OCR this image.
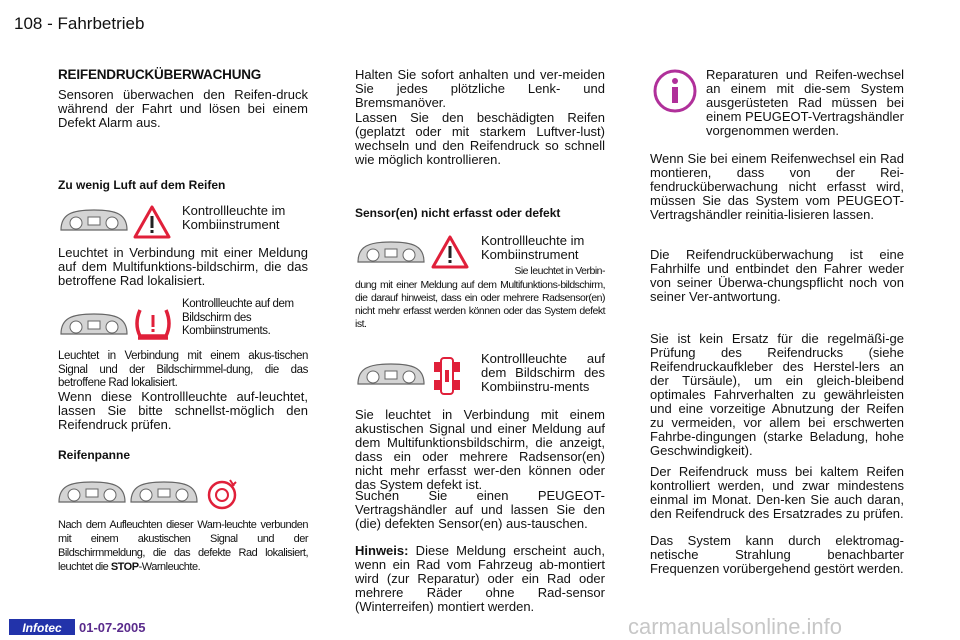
108 - Fahrbetrieb
REIFENDRUCKÜBERWACHUNG

Sensoren überwachen den Reifen-druck während der Fahrt und lösen bei einem Defekt Alarm aus.

Zu wenig Luft auf dem Reifen

Kontrollleuchte im Kombiinstrument

Leuchtet in Verbindung mit einer Meldung auf dem Multifunktions-bildschirm, die das betroffene Rad lokalisiert.

Kontrollleuchte auf dem Bildschirm des Kombiinstruments.

Leuchtet in Verbindung mit einem akus-tischen Signal und der Bildschirmmel-dung, die das betroffene Rad lokalisiert.

Wenn diese Kontrollleuchte auf-leuchtet, lassen Sie bitte schnellst-möglich den Reifendruck prüfen.

Reifenpanne

Nach dem Aufleuchten dieser Warn-leuchte verbunden mit einem akustischen Signal und der Bildschirmmeldung, die das defekte Rad lokalisiert, leuchtet die STOP-Warnleuchte.

Halten Sie sofort anhalten und ver-meiden Sie jedes plötzliche Lenk- und Bremsmanöver.

Lassen Sie den beschädigten Reifen (geplatzt oder mit starkem Luftver-lust) wechseln und den Reifendruck so schnell wie möglich kontrollieren.

Sensor(en) nicht erfasst oder defekt

Kontrollleuchte im Kombiinstrument

Sie leuchtet in Verbin-

dung mit einer Meldung auf dem Multifunktions-bildschirm, die darauf hinweist, dass ein oder mehrere Radsensor(en) nicht mehr erfasst werden können oder das System defekt ist.

Kontrollleuchte auf dem Bildschirm des Kombiinstru-ments

Sie leuchtet in Verbindung mit einem akustischen Signal und einer Meldung auf dem Multifunktionsbildschirm, die anzeigt, dass ein oder mehrere Radsensor(en) nicht mehr erfasst wer-den können oder das System defekt ist.

Suchen Sie einen PEUGEOT-Vertragshändler auf und lassen Sie den (die) defekten Sensor(en) aus-tauschen.

Hinweis: Diese Meldung erscheint auch, wenn ein Rad vom Fahrzeug ab-montiert wird (zur Reparatur) oder ein Rad oder mehrere Räder ohne Rad-sensor (Winterreifen) montiert werden.

Reparaturen und Reifen-wechsel an einem mit die-sem System ausgerüsteten Rad müssen bei einem PEUGEOT-Vertragshändler vorgenommen werden.

Wenn Sie bei einem Reifenwechsel ein Rad montieren, dass von der Rei-fendrucküberwachung nicht erfasst wird, müssen Sie das System vom PEUGEOT-Vertragshändler reinitia-lisieren lassen.

Die Reifendrucküberwachung ist eine Fahrhilfe und entbindet den Fahrer weder von seiner Überwa-chungspflicht noch von seiner Ver-antwortung.

Sie ist kein Ersatz für die regelmäßi-ge Prüfung des Reifendrucks (siehe Reifendruckaufkleber des Herstel-lers an der Türsäule), um ein gleich-bleibend optimales Fahrverhalten zu gewährleisten und eine vorzeitige Abnutzung der Reifen zu vermeiden, vor allem bei erschwerten Fahrbe-dingungen (starke Beladung, hohe Geschwindigkeit).

Der Reifendruck muss bei kaltem Reifen kontrolliert werden, und zwar mindestens einmal im Monat. Den-ken Sie auch daran, den Reifendruck des Ersatzrades zu prüfen.

Das System kann durch elektromag-netische Strahlung benachbarter Frequenzen vorübergehend gestört werden.

Infotec	01-07-2005	carmanualsonline.info
